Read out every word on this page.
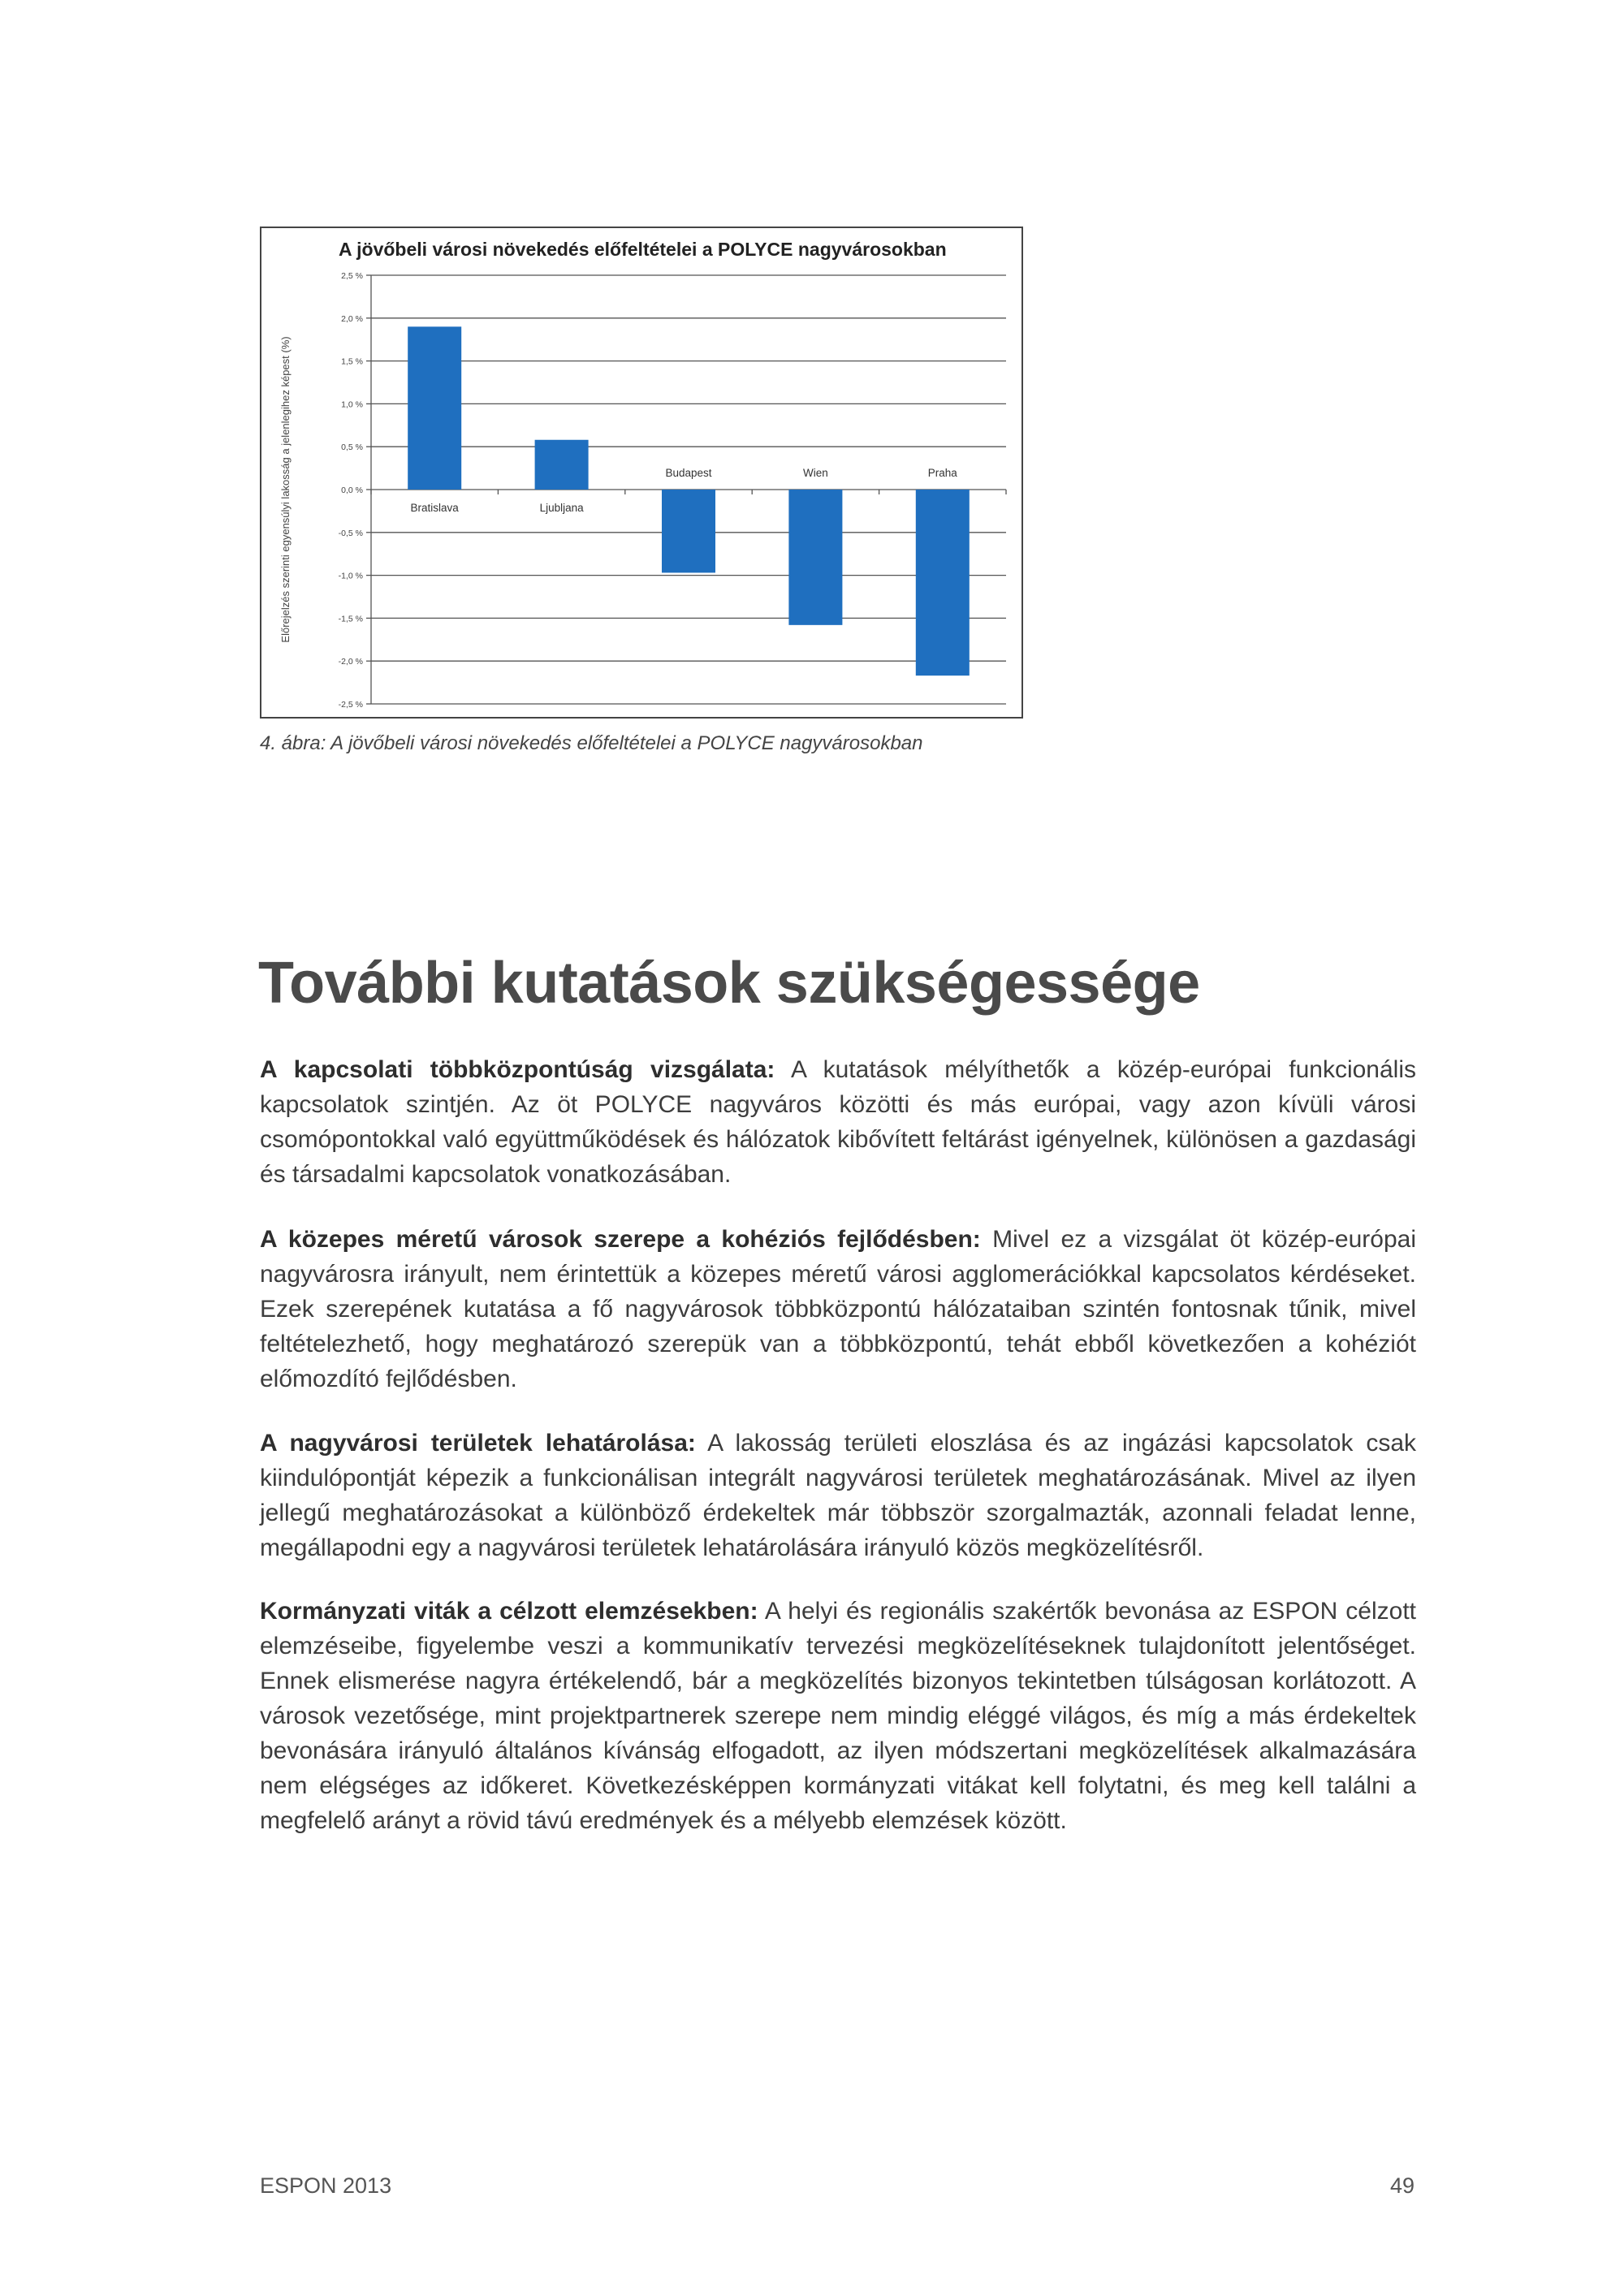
A jövőbeli városi növekedés előfeltételei a POLYCE nagyvárosokban
Előrejelzés szerinti egyensúlyi lakosság a jelenlegihez képest (%)
2,5 %
2,0 %
1,5 %
1,0 %
0,5 %
0,0 %
-0,5 %
-1,0 %
-1,5 %
-2,0 %
-2,5 %
Bratislava	Ljubljana
Budapest	Wien	Praha
4. ábra: A jövőbeli városi növekedés előfeltételei a POLYCE nagyvárosokban
További kutatások szükségessége

A kapcsolati többközpontúság vizsgálata: A kutatások mélyíthetők a közép-európai funkcionális kapcsolatok szintjén. Az öt POLYCE nagyváros közötti és más európai, vagy azon kívüli városi csomópontokkal való együttműködések és hálózatok kibővített feltárást igényelnek, különösen a gazdasági és társadalmi kapcsolatok vonatkozásában.

A közepes méretű városok szerepe a kohéziós fejlődésben: Mivel ez a vizsgálat öt közép-európai nagyvárosra irányult, nem érintettük a közepes méretű városi agglomerációkkal kapcsolatos kérdéseket. Ezek szerepének kutatása a fő nagyvárosok többközpontú hálózataiban szintén fontosnak tűnik, mivel feltételezhető, hogy meghatározó szerepük van a többközpontú, tehát ebből következően a kohéziót előmozdító fejlődésben.

A nagyvárosi területek lehatárolása: A lakosság területi eloszlása és az ingázási kapcsolatok csak kiindulópontját képezik a funkcionálisan integrált nagyvárosi területek meghatározásának. Mivel az ilyen jellegű meghatározásokat a különböző érdekeltek már többször szorgalmazták, azonnali feladat lenne, megállapodni egy a nagyvárosi területek lehatárolására irányuló közös megközelítésről.

Kormányzati viták a célzott elemzésekben: A helyi és regionális szakértők bevonása az ESPON célzott elemzéseibe, figyelembe veszi a kommunikatív tervezési megközelítéseknek tulajdonított jelentőséget. Ennek elismerése nagyra értékelendő, bár a megközelítés bizonyos tekintetben túlságosan korlátozott. A városok vezetősége, mint projektpartnerek szerepe nem mindig eléggé világos, és míg a más érdekeltek bevonására irányuló általános kívánság elfogadott, az ilyen módszertani megközelítések alkalmazására nem elégséges az időkeret. Következésképpen kormányzati vitákat kell folytatni, és meg kell találni a megfelelő arányt a rövid távú eredmények és a mélyebb elemzések között.

ESPON 2013	49
